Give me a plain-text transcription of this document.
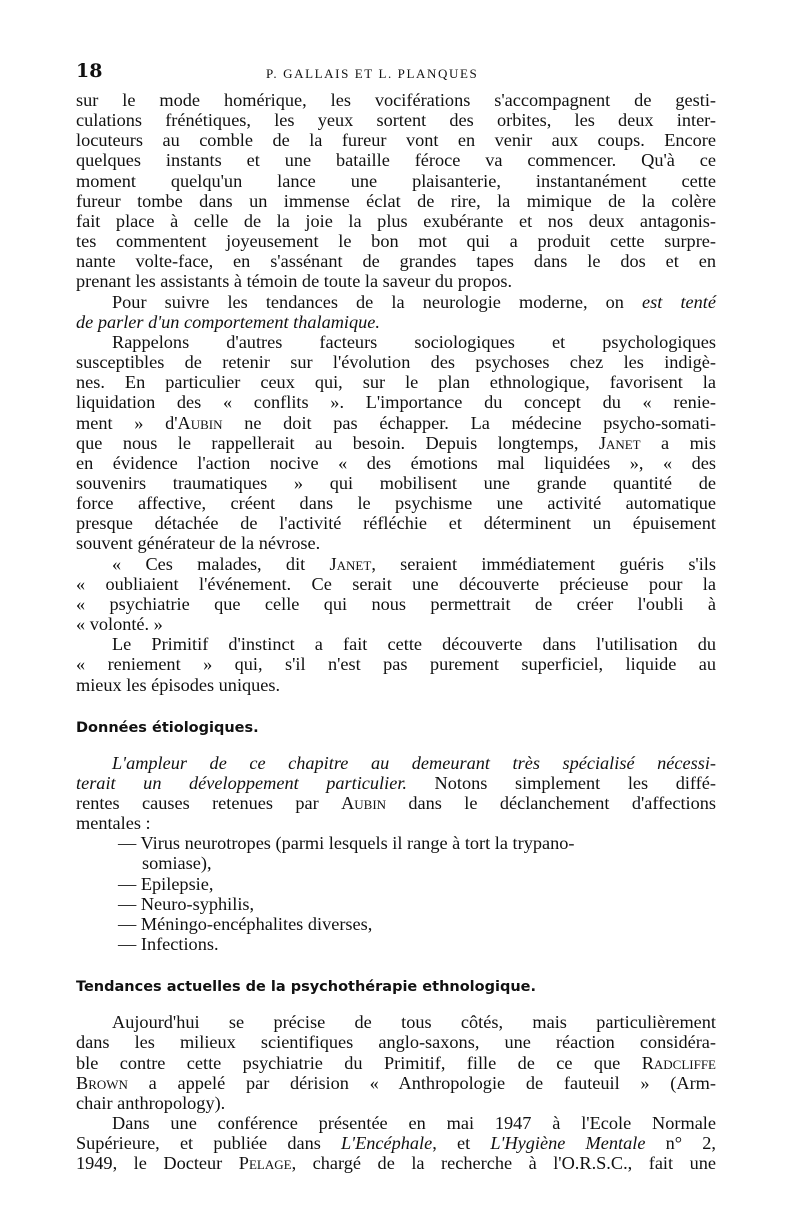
18	P. GALLAIS ET L. PLANQUES
sur le mode homérique, les vociférations s'accompagnent de gesti-
culations frénétiques, les yeux sortent des orbites, les deux inter-
locuteurs au comble de la fureur vont en venir aux coups. Encore
quelques instants et une bataille féroce va commencer. Qu'à ce
moment quelqu'un lance une plaisanterie, instantanément cette
fureur tombe dans un immense éclat de rire, la mimique de la colère
fait place à celle de la joie la plus exubérante et nos deux antagonis-
tes commentent joyeusement le bon mot qui a produit cette surpre-
nante volte-face, en s'assénant de grandes tapes dans le dos et en
prenant les assistants à témoin de toute la saveur du propos.
Pour suivre les tendances de la neurologie moderne, on est tenté
de parler d'un comportement thalamique.
Rappelons d'autres facteurs sociologiques et psychologiques
susceptibles de retenir sur l'évolution des psychoses chez les indigè-
nes. En particulier ceux qui, sur le plan ethnologique, favorisent la
liquidation des « conflits ». L'importance du concept du « renie-
ment » d'Aubin ne doit pas échapper. La médecine psycho-somati-
que nous le rappellerait au besoin. Depuis longtemps, Janet a mis
en évidence l'action nocive « des émotions mal liquidées », « des
souvenirs traumatiques » qui mobilisent une grande quantité de
force affective, créent dans le psychisme une activité automatique
presque détachée de l'activité réfléchie et déterminent un épuisement
souvent générateur de la névrose.
« Ces malades, dit Janet, seraient immédiatement guéris s'ils
« oubliaient l'événement. Ce serait une découverte précieuse pour la
« psychiatrie que celle qui nous permettrait de créer l'oubli à
« volonté. »
Le Primitif d'instinct a fait cette découverte dans l'utilisation du
« reniement » qui, s'il n'est pas purement superficiel, liquide au
mieux les épisodes uniques.
Données étiologiques.
L'ampleur de ce chapitre au demeurant très spécialisé nécessi-
terait un développement particulier. Notons simplement les diffé-
rentes causes retenues par Aubin dans le déclanchement d'affections
mentales :
— Virus neurotropes (parmi lesquels il range à tort la trypano-
somiase),
— Epilepsie,
— Neuro-syphilis,
— Méningo-encéphalites diverses,
— Infections.
Tendances actuelles de la psychothérapie ethnologique.
Aujourd'hui se précise de tous côtés, mais particulièrement
dans les milieux scientifiques anglo-saxons, une réaction considéra-
ble contre cette psychiatrie du Primitif, fille de ce que Radcliffe
Brown a appelé par dérision « Anthropologie de fauteuil » (Arm-
chair anthropology).
Dans une conférence présentée en mai 1947 à l'Ecole Normale
Supérieure, et publiée dans L'Encéphale, et L'Hygiène Mentale n° 2,
1949, le Docteur Pelage, chargé de la recherche à l'O.R.S.C., fait une
